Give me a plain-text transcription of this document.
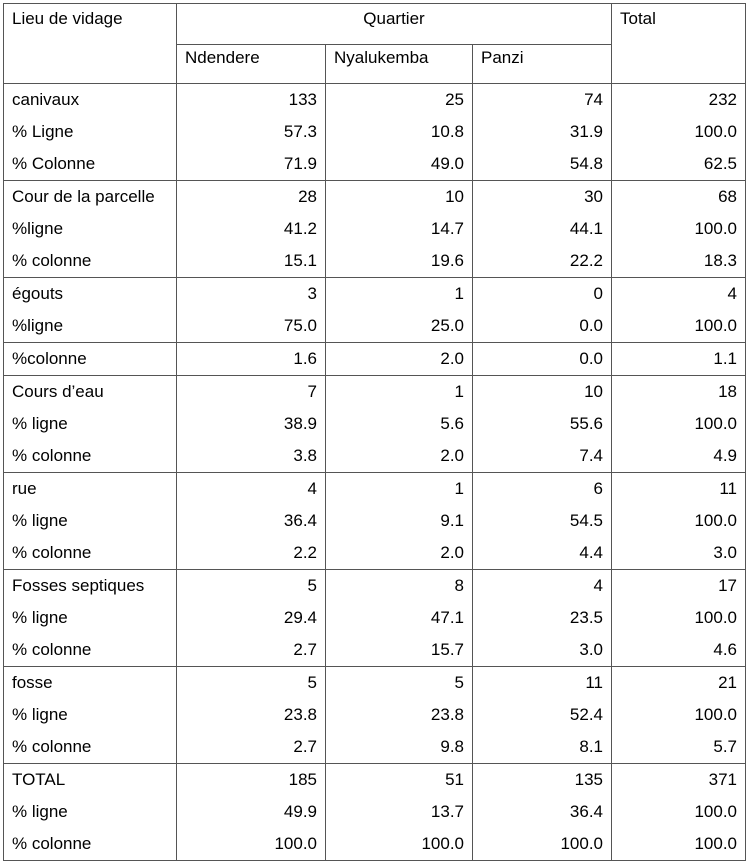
Lieu de vidage	Quartier			Total
	Ndendere	Nyalukemba	Panzi	
canivaux	133	25	74	232
% Ligne	57.3	10.8	31.9	100.0
% Colonne	71.9	49.0	54.8	62.5
Cour de la parcelle	28	10	30	68
%ligne	41.2	14.7	44.1	100.0
% colonne	15.1	19.6	22.2	18.3
égouts	3	1	0	4
%ligne	75.0	25.0	0.0	100.0
%colonne	1.6	2.0	0.0	1.1
Cours d’eau	7	1	10	18
% ligne	38.9	5.6	55.6	100.0
% colonne	3.8	2.0	7.4	4.9
rue	4	1	6	11
% ligne	36.4	9.1	54.5	100.0
% colonne	2.2	2.0	4.4	3.0
Fosses septiques	5	8	4	17
% ligne	29.4	47.1	23.5	100.0
% colonne	2.7	15.7	3.0	4.6
fosse	5	5	11	21
% ligne	23.8	23.8	52.4	100.0
% colonne	2.7	9.8	8.1	5.7
TOTAL	185	51	135	371
% ligne	49.9	13.7	36.4	100.0
% colonne	100.0	100.0	100.0	100.0
